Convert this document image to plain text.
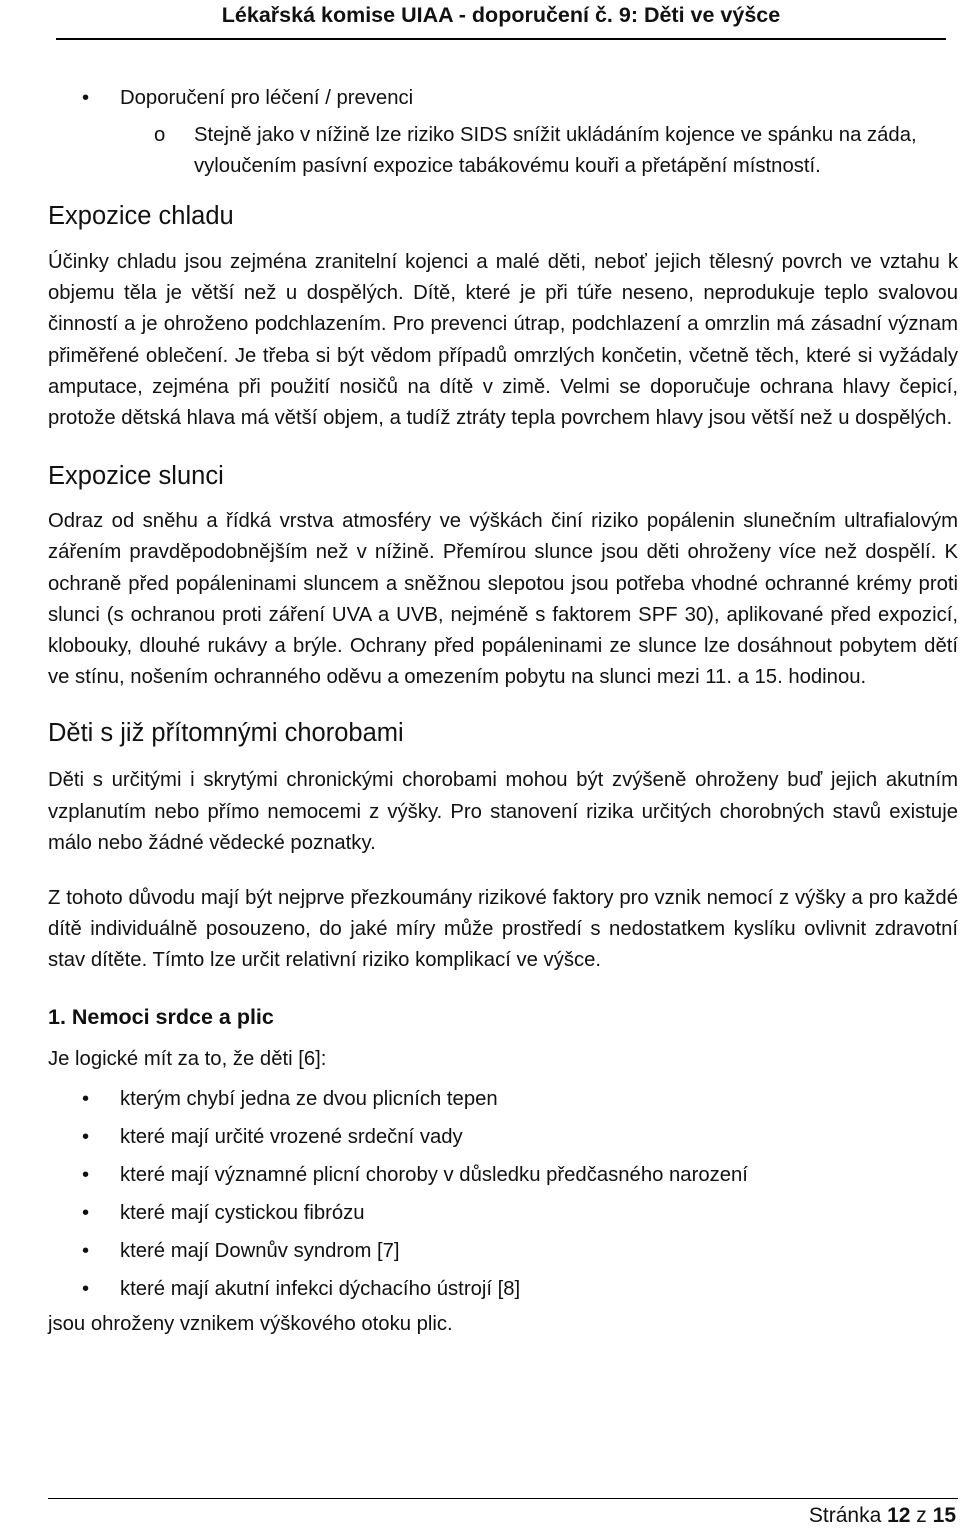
Lékařská komise UIAA - doporučení č. 9: Děti ve výšce
• Doporučení pro léčení / prevenci
o Stejně jako v nížině lze riziko SIDS snížit ukládáním kojence ve spánku na záda, vyloučením pasívní expozice tabákovému kouři a přetápění místností.
Expozice chladu
Účinky chladu jsou zejména zranitelní kojenci a malé děti, neboť jejich tělesný povrch ve vztahu k objemu těla je větší než u dospělých. Dítě, které je při túře neseno, neprodukuje teplo svalovou činností a je ohroženo podchlazením. Pro prevenci útrap, podchlazení a omrzlin má zásadní význam přiměřené oblečení. Je třeba si být vědom případů omrzlých končetin, včetně těch, které si vyžádaly amputace, zejména při použití nosičů na dítě v zimě. Velmi se doporučuje ochrana hlavy čepicí, protože dětská hlava má větší objem, a tudíž ztráty tepla povrchem hlavy jsou větší než u dospělých.
Expozice slunci
Odraz od sněhu a řídká vrstva atmosféry ve výškách činí riziko popálenin slunečním ultrafialovým zářením pravděpodobnějším než v nížině. Přemírou slunce jsou děti ohroženy více než dospělí. K ochraně před popáleninami sluncem a sněžnou slepotou jsou potřeba vhodné ochranné krémy proti slunci (s ochranou proti záření UVA a UVB, nejméně s faktorem SPF 30), aplikované před expozicí, klobouky, dlouhé rukávy a brýle. Ochrany před popáleninami ze slunce lze dosáhnout pobytem dětí ve stínu, nošením ochranného oděvu a omezením pobytu na slunci mezi 11. a 15. hodinou.
Děti s již přítomnými chorobami
Děti s určitými i skrytými chronickými chorobami mohou být zvýšeně ohroženy buď jejich akutním vzplanutím nebo přímo nemocemi z výšky. Pro stanovení rizika určitých chorobných stavů existuje málo nebo žádné vědecké poznatky.
Z tohoto důvodu mají být nejprve přezkoumány rizikové faktory pro vznik nemocí z výšky a pro každé dítě individuálně posouzeno, do jaké míry může prostředí s nedostatkem kyslíku ovlivnit zdravotní stav dítěte. Tímto lze určit relativní riziko komplikací ve výšce.
1. Nemoci srdce a plic
Je logické mít za to, že děti [6]:
• kterým chybí jedna ze dvou plicních tepen
• které mají určité vrozené srdeční vady
• které mají významné plicní choroby v důsledku předčasného narození
• které mají cystickou fibrózu
• které mají Downův syndrom [7]
• které mají akutní infekci dýchacího ústrojí [8]
jsou ohroženy vznikem výškového otoku plic.
Stránka 12 z 15
